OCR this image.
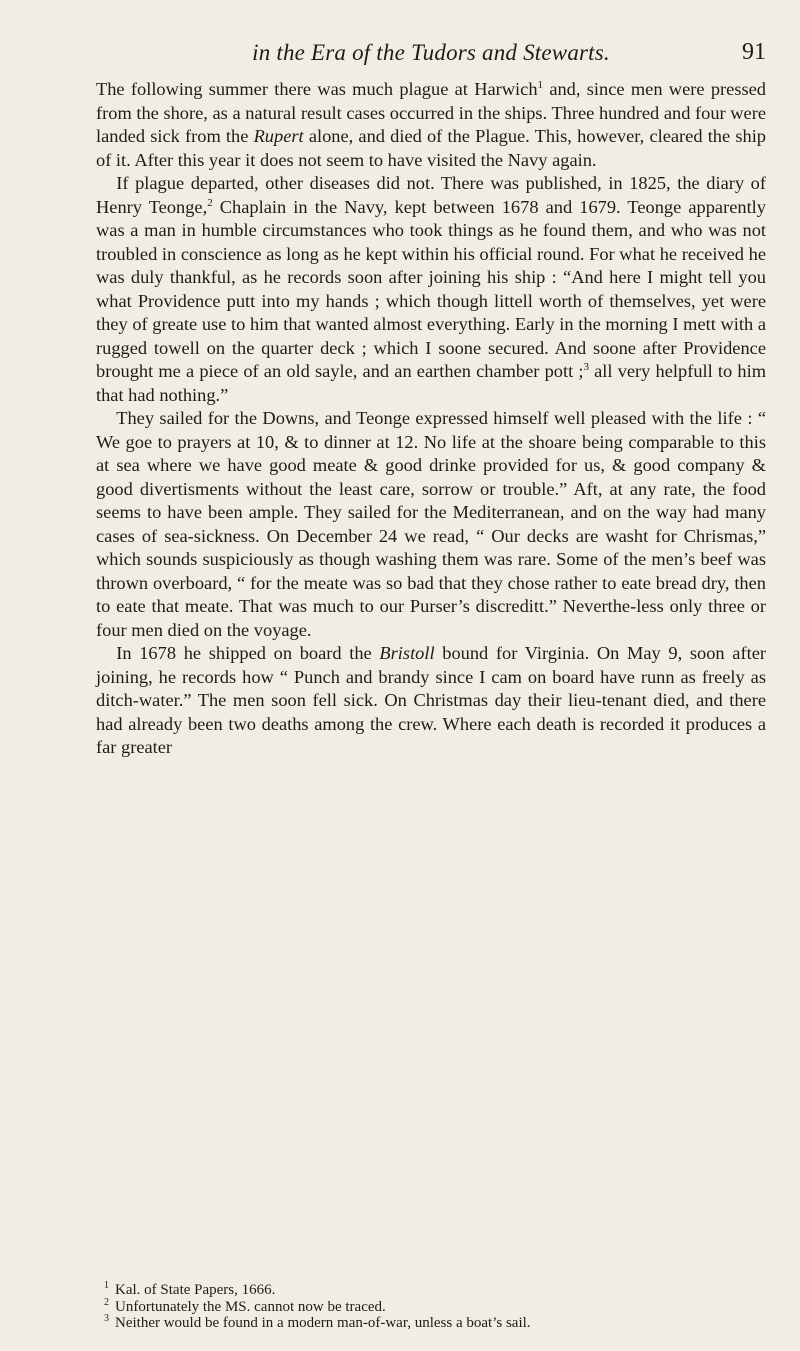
in the Era of the Tudors and Stewarts.	91

The following summer there was much plague at Harwich$^1$ and, since men were pressed from the shore, as a natural result cases occurred in the ships. Three hundred and four were landed sick from the Rupert alone, and died of the Plague. This, however, cleared the ship of it. After this year it does not seem to have visited the Navy again.

If plague departed, other diseases did not. There was published, in 1825, the diary of Henry Teonge,$^2$ Chaplain in the Navy, kept between 1678 and 1679. Teonge apparently was a man in humble circumstances who took things as he found them, and who was not troubled in conscience as long as he kept within his official round. For what he received he was duly thankful, as he records soon after joining his ship : “And here I might tell you what Providence putt into my hands ; which though littell worth of themselves, yet were they of greate use to him that wanted almost everything. Early in the morning I mett with a rugged towell on the quarter deck ; which I soone secured. And soone after Providence brought me a piece of an old sayle, and an earthen chamber pott ;$^3$ all very helpfull to him that had nothing.”

They sailed for the Downs, and Teonge expressed himself well pleased with the life : “ We goe to prayers at 10, & to dinner at 12. No life at the shoare being comparable to this at sea where we have good meate & good drinke provided for us, & good company & good divertisments without the least care, sorrow or trouble.” Aft, at any rate, the food seems to have been ample. They sailed for the Mediterranean, and on the way had many cases of sea-sickness. On December 24 we read, “ Our decks are washt for Chrismas,” which sounds suspiciously as though washing them was rare. Some of the men’s beef was thrown overboard, “ for the meate was so bad that they chose rather to eate bread dry, then to eate that meate. That was much to our Purser’s discreditt.” Neverthe-less only three or four men died on the voyage.

In 1678 he shipped on board the Bristoll bound for Virginia. On May 9, soon after joining, he records how “ Punch and brandy since I cam on board have runn as freely as ditch-water.” The men soon fell sick. On Christmas day their lieu-tenant died, and there had already been two deaths among the crew. Where each death is recorded it produces a far greater

$^1$ Kal. of State Papers, 1666.
$^2$ Unfortunately the MS. cannot now be traced.
$^3$ Neither would be found in a modern man-of-war, unless a boat’s sail.
